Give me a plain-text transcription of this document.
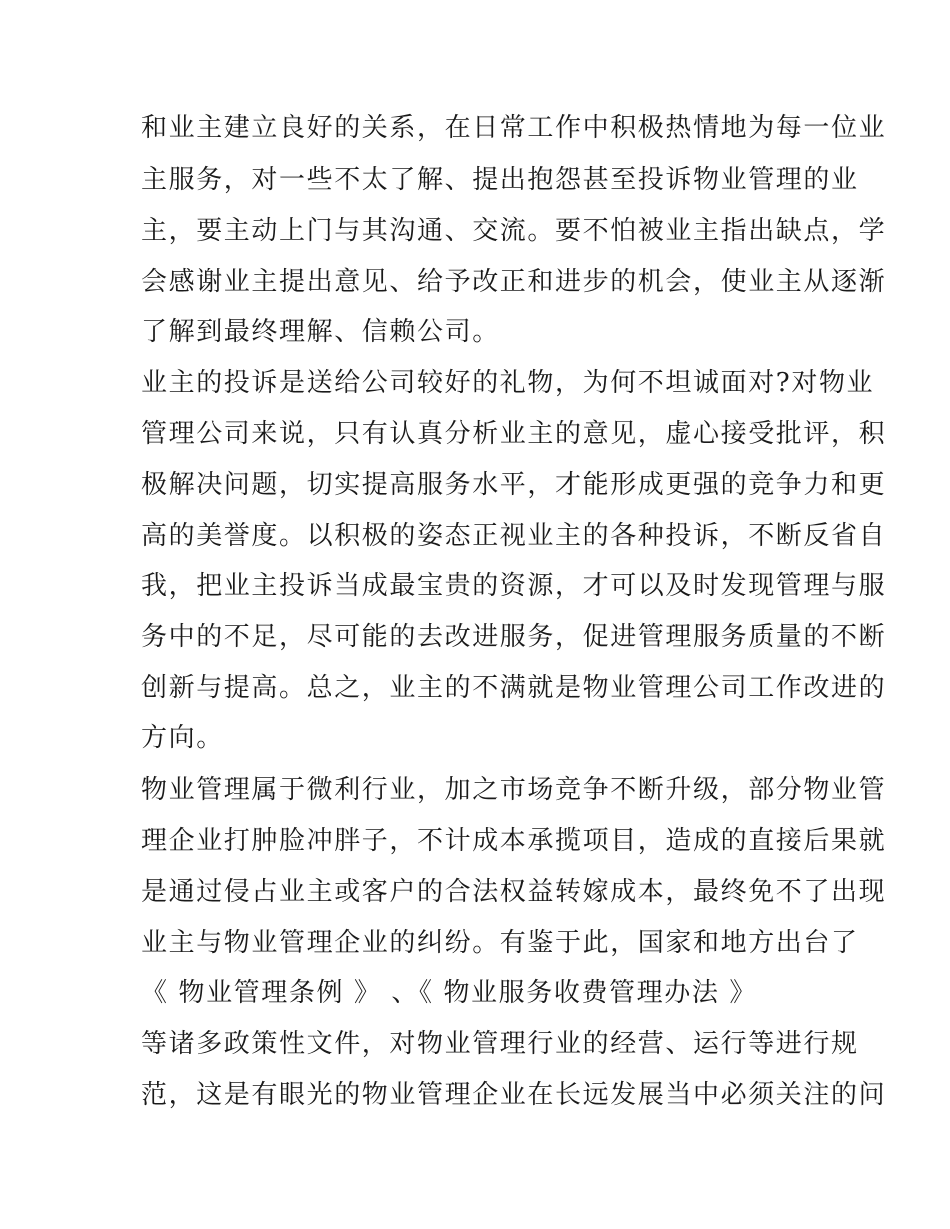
和业主建立良好的关系，在日常工作中积极热情地为每一位业
主服务，对一些不太了解、提出抱怨甚至投诉物业管理的业
主，要主动上门与其沟通、交流。要不怕被业主指出缺点，学
会感谢业主提出意见、给予改正和进步的机会，使业主从逐渐
了解到最终理解、信赖公司。
业主的投诉是送给公司较好的礼物，为何不坦诚面对?对物业
管理公司来说，只有认真分析业主的意见，虚心接受批评，积
极解决问题，切实提高服务水平，才能形成更强的竞争力和更
高的美誉度。以积极的姿态正视业主的各种投诉，不断反省自
我，把业主投诉当成最宝贵的资源，才可以及时发现管理与服
务中的不足，尽可能的去改进服务，促进管理服务质量的不断
创新与提高。总之，业主的不满就是物业管理公司工作改进的
方向。
物业管理属于微利行业，加之市场竞争不断升级，部分物业管
理企业打肿脸冲胖子，不计成本承揽项目，造成的直接后果就
是通过侵占业主或客户的合法权益转嫁成本，最终免不了出现
业主与物业管理企业的纠纷。有鉴于此，国家和地方出台了
《 物业管理条例 》 、《 物业服务收费管理办法 》
等诸多政策性文件，对物业管理行业的经营、运行等进行规
范，这是有眼光的物业管理企业在长远发展当中必须关注的问
